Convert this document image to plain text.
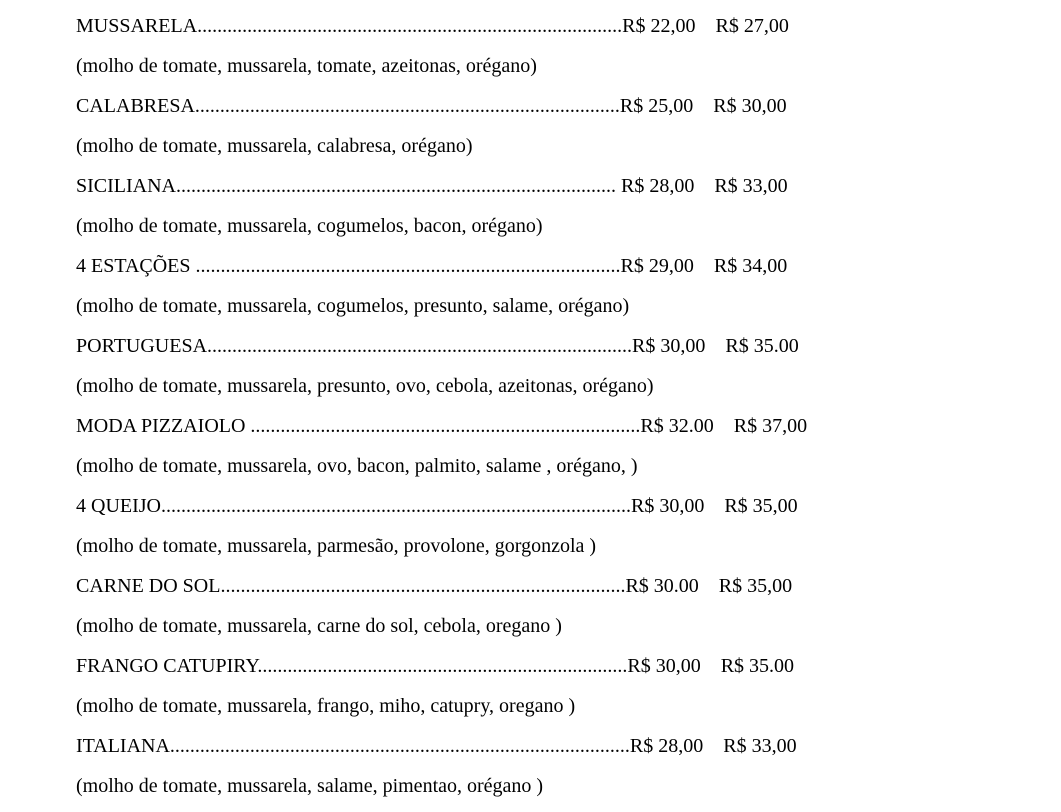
MUSSARELA.....................................................................................R$ 22,00    R$ 27,00
(molho de tomate, mussarela, tomate, azeitonas, orégano)
CALABRESA.....................................................................................R$ 25,00    R$ 30,00
(molho de tomate, mussarela, calabresa, orégano)
SICILIANA........................................................................................ R$ 28,00    R$ 33,00
(molho de tomate, mussarela, cogumelos, bacon, orégano)
4 ESTAÇÕES .....................................................................................R$ 29,00    R$ 34,00
(molho de tomate, mussarela, cogumelos, presunto, salame, orégano)
PORTUGUESA.....................................................................................R$ 30,00    R$ 35.00
(molho de tomate, mussarela, presunto, ovo, cebola, azeitonas, orégano)
MODA PIZZAIOLO ..............................................................................R$ 32.00    R$ 37,00
(molho de tomate, mussarela, ovo, bacon, palmito, salame , orégano, )
4 QUEIJO..............................................................................................R$ 30,00    R$ 35,00
(molho de tomate, mussarela, parmesão, provolone, gorgonzola )
CARNE DO SOL.................................................................................R$ 30.00    R$ 35,00
(molho de tomate, mussarela, carne do sol, cebola, oregano )
FRANGO CATUPIRY..........................................................................R$ 30,00    R$ 35.00
(molho de tomate, mussarela, frango, miho, catupry, oregano )
ITALIANA............................................................................................R$ 28,00    R$ 33,00
(molho de tomate, mussarela, salame, pimentao, orégano )
